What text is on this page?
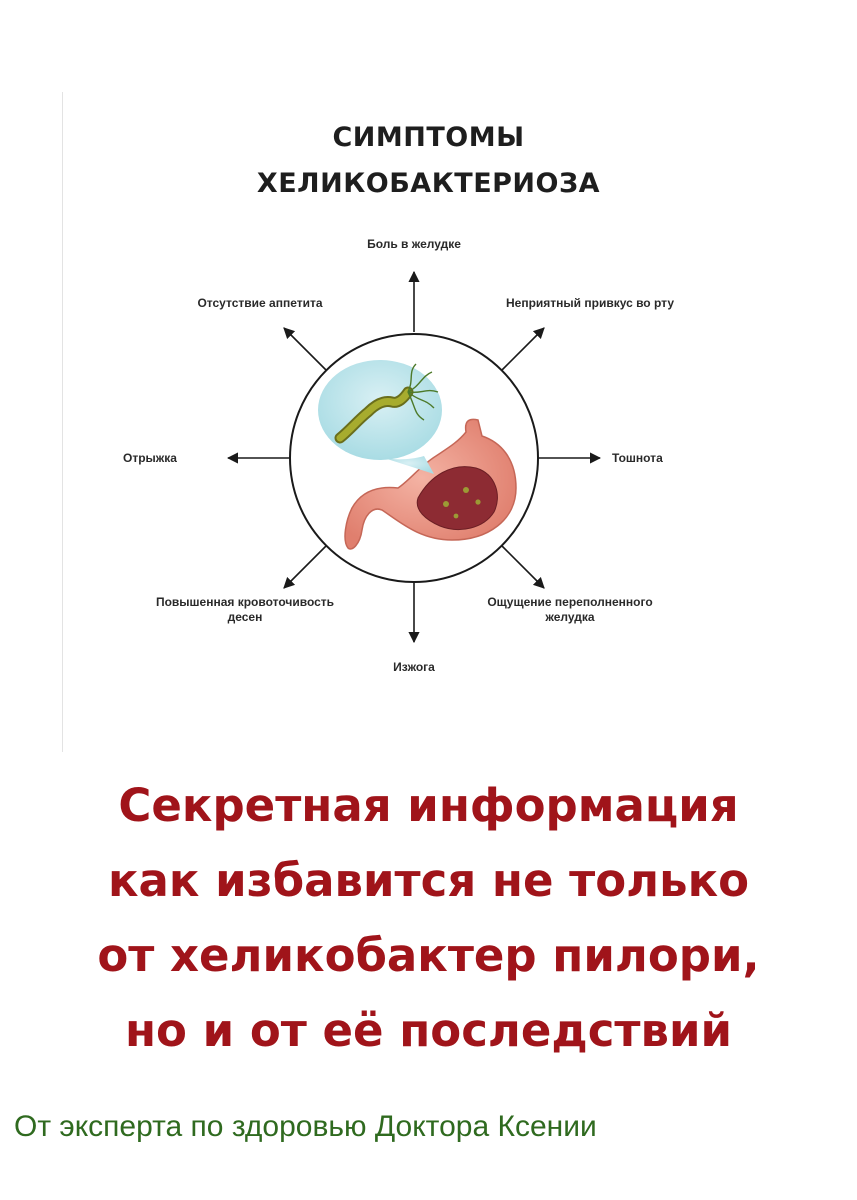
СИМПТОМЫ
ХЕЛИКОБАКТЕРИОЗА
Боль в желудке
Отсутствие аппетита	Неприятный привкус во рту
Отрыжка	Тошнота
Повышенная кровоточивость
десен
Ощущение переполненного
желудка
Изжога
Секретная информация
как избавится не только
от хеликобактер пилори,
но и от её последствий
От эксперта по здоровью Доктора Ксении
